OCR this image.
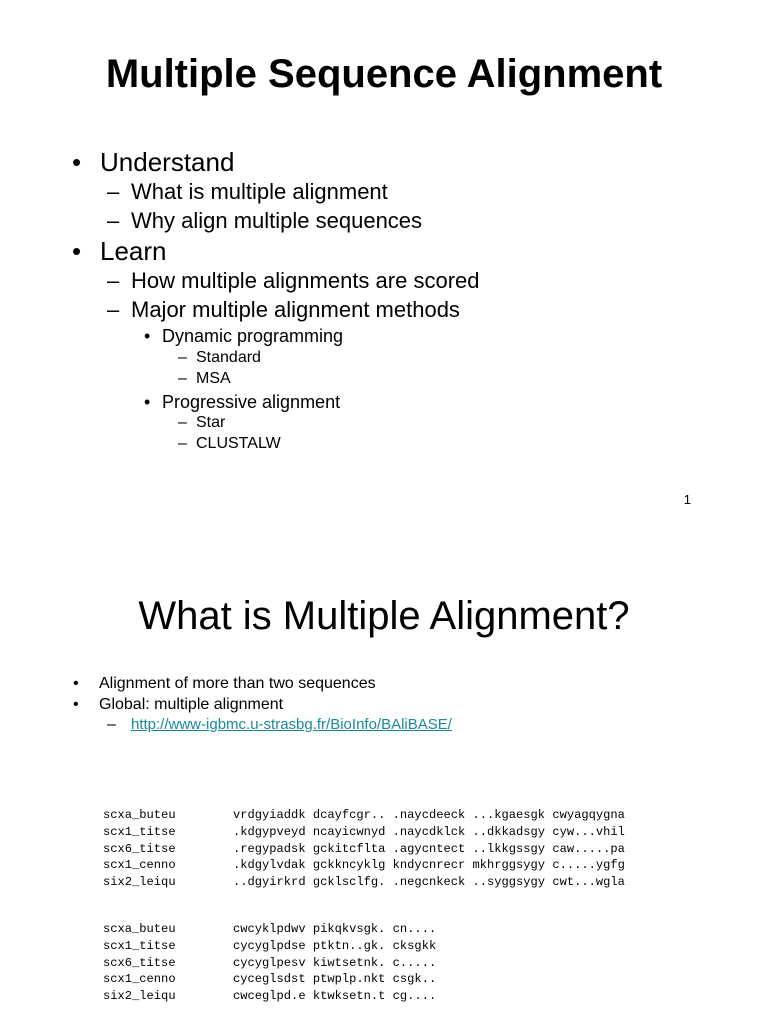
Multiple Sequence Alignment
• Understand
– What is multiple alignment
– Why align multiple sequences
• Learn
– How multiple alignments are scored
– Major multiple alignment methods
• Dynamic programming
– Standard
– MSA
• Progressive alignment
– Star
– CLUSTALW
1
What is Multiple Alignment?
• Alignment of more than two sequences
• Global: multiple alignment
– http://www-igbmc.u-strasbg.fr/BioInfo/BAliBASE/
scxa_buteu	vrdgyiaddk dcayfcgr.. .naycdeeck ...kgaesgk cwyagqygna
scx1_titse	.kdgypveyd ncayicwnyd .naycdklck ..dkkadsgy cyw...vhil
scx6_titse	.regypadsk gckitcflta .agycntect ..lkkgssgy caw.....pa
scx1_cenno	.kdgylvdak gckkncyklg kndycnrecr mkhrggsygy c.....ygfg
six2_leiqu	..dgyirkrd gcklsclfg. .negcnkeck ..syggsygy cwt...wgla
scxa_buteu	cwcyklpdwv pikqkvsgk. cn....
scx1_titse	cycyglpdse ptktn..gk. cksgkk
scx6_titse	cycyglpesv kiwtsetnk. c.....
scx1_cenno	cyceglsdst ptwplp.nkt csgk..
six2_leiqu	cwceglpd.e ktwksetn.t cg....
